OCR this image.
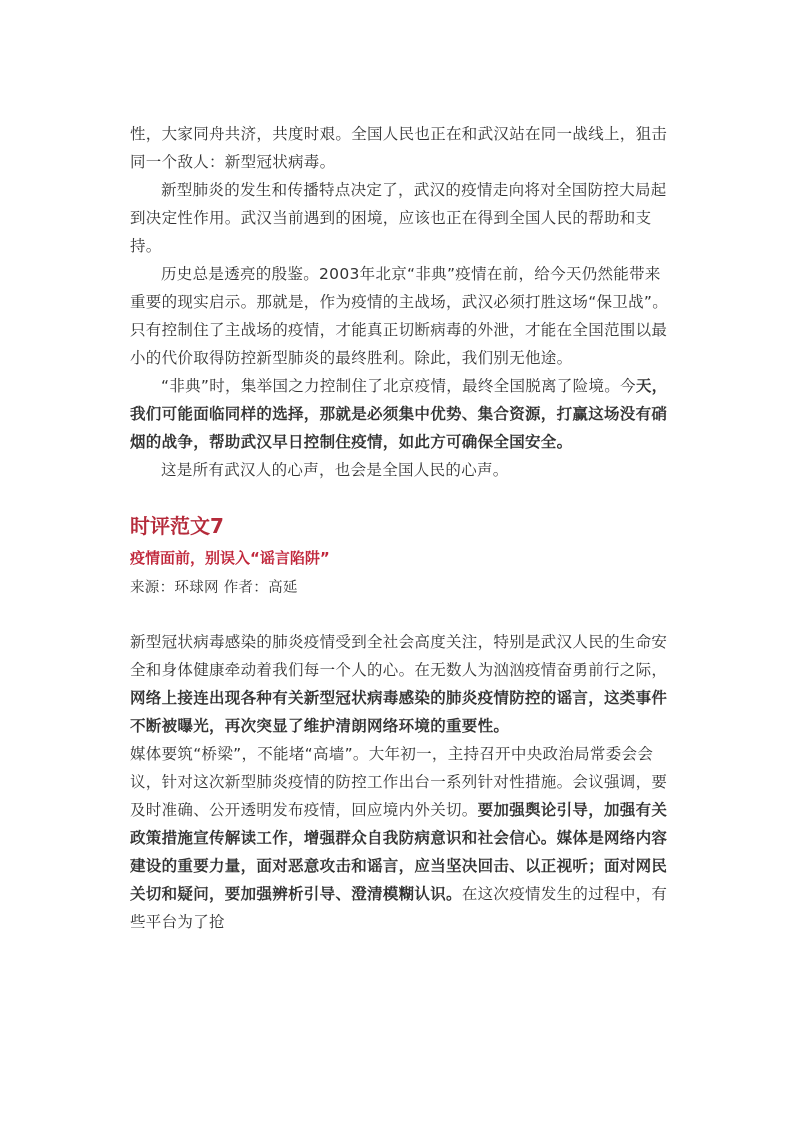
性，大家同舟共济，共度时艰。全国人民也正在和武汉站在同一战线上，狙击同一个敌人：新型冠状病毒。

新型肺炎的发生和传播特点决定了，武汉的疫情走向将对全国防控大局起到决定性作用。武汉当前遇到的困境，应该也正在得到全国人民的帮助和支持。

历史总是透亮的殷鉴。2003年北京“非典”疫情在前，给今天仍然能带来重要的现实启示。那就是，作为疫情的主战场，武汉必须打胜这场“保卫战”。只有控制住了主战场的疫情，才能真正切断病毒的外泄，才能在全国范围以最小的代价取得防控新型肺炎的最终胜利。除此，我们别无他途。

“非典”时，集举国之力控制住了北京疫情，最终全国脱离了险境。今天，我们可能面临同样的选择，那就是必须集中优势、集合资源，打赢这场没有硝烟的战争，帮助武汉早日控制住疫情，如此方可确保全国安全。

这是所有武汉人的心声，也会是全国人民的心声。

时评范文7
疫情面前，别误入“谣言陷阱”

来源：环球网 作者：高延

新型冠状病毒感染的肺炎疫情受到全社会高度关注，特别是武汉人民的生命安全和身体健康牵动着我们每一个人的心。在无数人为汹汹疫情奋勇前行之际，网络上接连出现各种有关新型冠状病毒感染的肺炎疫情防控的谣言，这类事件不断被曝光，再次突显了维护清朗网络环境的重要性。

媒体要筑“桥梁”，不能堵“高墙”。大年初一，主持召开中央政治局常委会会议，针对这次新型肺炎疫情的防控工作出台一系列针对性措施。会议强调，要及时准确、公开透明发布疫情，回应境内外关切。要加强舆论引导，加强有关政策措施宣传解读工作，增强群众自我防病意识和社会信心。媒体是网络内容建设的重要力量，面对恶意攻击和谣言，应当坚决回击、以正视听；面对网民关切和疑问，要加强辨析引导、澄清模糊认识。在这次疫情发生的过程中，有些平台为了抢
